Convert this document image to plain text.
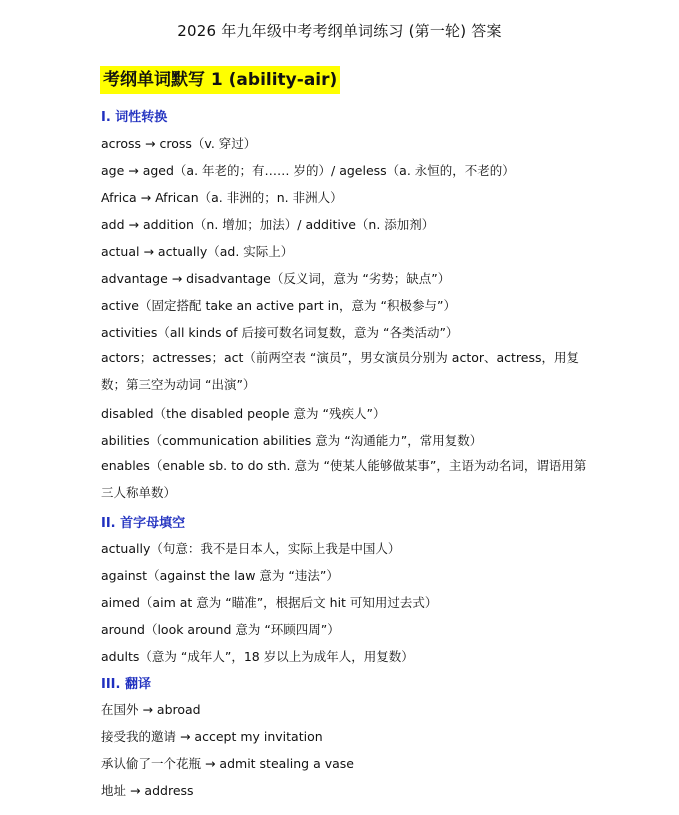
2026 年九年级中考考纲单词练习 (第一轮) 答案
考纲单词默写 1 (ability-air)
I. 词性转换
across → cross（v. 穿过）
age → aged（a. 年老的；有…… 岁的）/ ageless（a. 永恒的，不老的）
Africa → African（a. 非洲的；n. 非洲人）
add → addition（n. 增加；加法）/ additive（n. 添加剂）
actual → actually（ad. 实际上）
advantage → disadvantage（反义词，意为 “劣势；缺点”）
active（固定搭配 take an active part in，意为 “积极参与”）
activities（all kinds of 后接可数名词复数，意为 “各类活动”）
actors；actresses；act（前两空表 “演员”，男女演员分别为 actor、actress，用复数；第三空为动词 “出演”）
disabled（the disabled people 意为 “残疾人”）
abilities（communication abilities 意为 “沟通能力”，常用复数）
enables（enable sb. to do sth. 意为 “使某人能够做某事”，主语为动名词，谓语用第三人称单数）
II. 首字母填空
actually（句意：我不是日本人，实际上我是中国人）
against（against the law 意为 “违法”）
aimed（aim at 意为 “瞄准”，根据后文 hit 可知用过去式）
around（look around 意为 “环顾四周”）
adults（意为 “成年人”，18 岁以上为成年人，用复数）
III. 翻译
在国外 → abroad
接受我的邀请 → accept my invitation
承认偷了一个花瓶 → admit stealing a vase
地址 → address
